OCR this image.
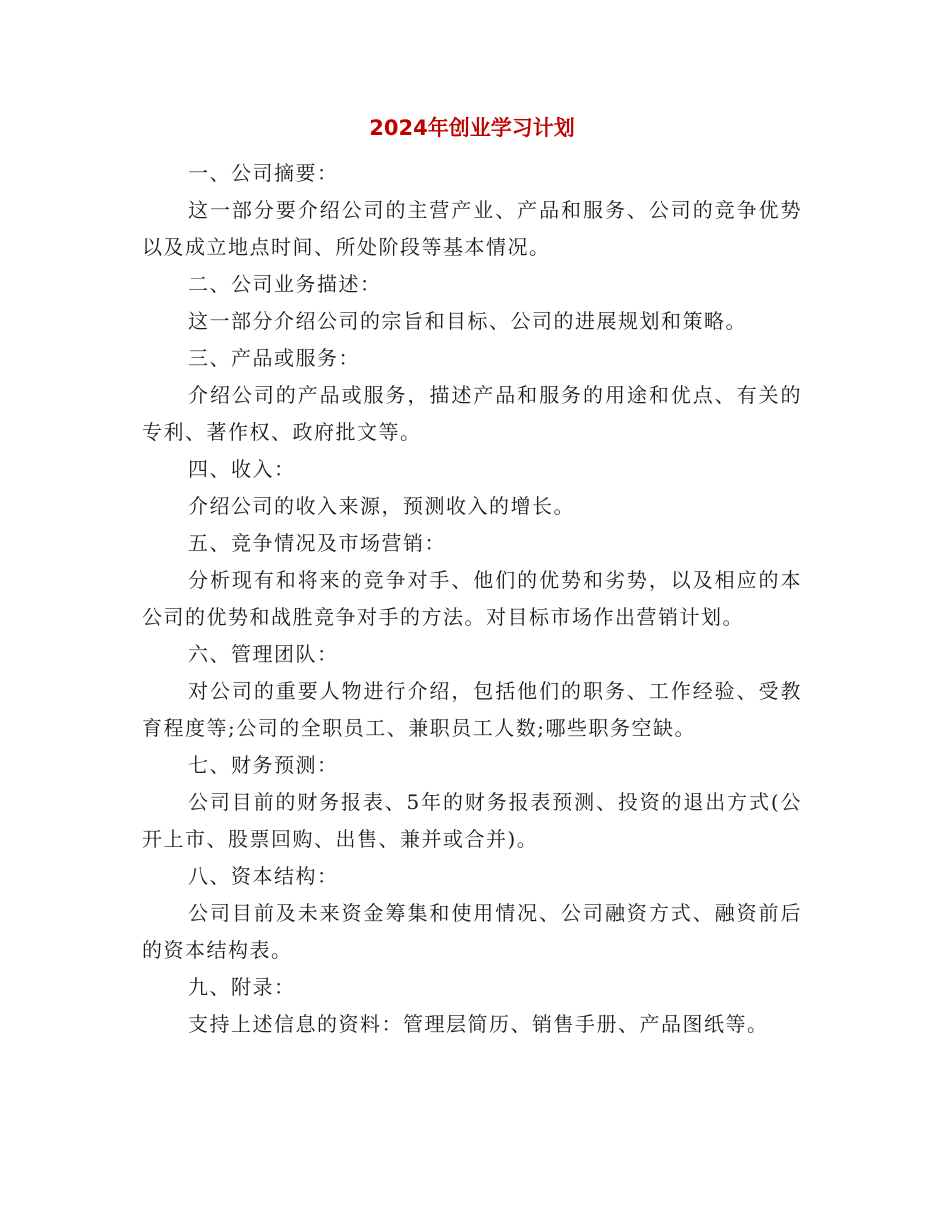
2024年创业学习计划

一、公司摘要：

这一部分要介绍公司的主营产业、产品和服务、公司的竞争优势以及成立地点时间、所处阶段等基本情况。

二、公司业务描述：

这一部分介绍公司的宗旨和目标、公司的进展规划和策略。

三、产品或服务：

介绍公司的产品或服务，描述产品和服务的用途和优点、有关的专利、著作权、政府批文等。

四、收入：

介绍公司的收入来源，预测收入的增长。

五、竞争情况及市场营销：

分析现有和将来的竞争对手、他们的优势和劣势，以及相应的本公司的优势和战胜竞争对手的方法。对目标市场作出营销计划。

六、管理团队：

对公司的重要人物进行介绍，包括他们的职务、工作经验、受教育程度等;公司的全职员工、兼职员工人数;哪些职务空缺。

七、财务预测：

公司目前的财务报表、5年的财务报表预测、投资的退出方式(公开上市、股票回购、出售、兼并或合并)。

八、资本结构：

公司目前及未来资金筹集和使用情况、公司融资方式、融资前后的资本结构表。

九、附录：

支持上述信息的资料：管理层简历、销售手册、产品图纸等。
